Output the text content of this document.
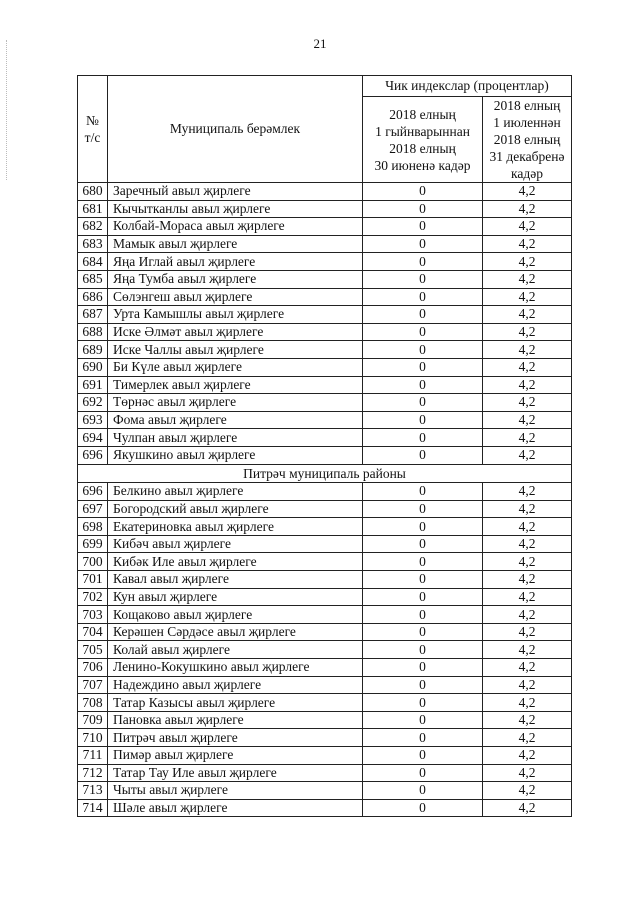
21
№
т/с	Муниципаль берәмлек	Чик индекслар (процентлар)	

		2018 елның
1 гыйнварыннан
2018 елның
30 июненә кадәр	2018 елның
1 июленнән
2018 елның
31 декабренә
кадәр

680	Заречный авыл җирлеге	0	4,2
681	Кычытканлы авыл җирлеге	0	4,2
682	Колбай-Мораса авыл җирлеге	0	4,2
683	Мамык авыл җирлеге	0	4,2
684	Яңа Иглай авыл җирлеге	0	4,2
685	Яңа Тумба авыл җирлеге	0	4,2
686	Сөлэнгеш авыл җирлеге	0	4,2
687	Урта Камышлы авыл җирлеге	0	4,2
688	Иске Әлмәт авыл җирлеге	0	4,2
689	Иске Чаллы авыл җирлеге	0	4,2
690	Би Күле авыл җирлеге	0	4,2
691	Тимерлек авыл җирлеге	0	4,2
692	Төрнәс авыл җирлеге	0	4,2
693	Фома авыл җирлеге	0	4,2
694	Чулпан авыл җирлеге	0	4,2
696	Якушкино авыл җирлеге	0	4,2
Питрәч муниципаль районы			
696	Белкино авыл җирлеге	0	4,2
697	Богородский авыл җирлеге	0	4,2
698	Екатериновка авыл җирлеге	0	4,2
699	Кибәч авыл җирлеге	0	4,2
700	Кибәк Иле авыл җирлеге	0	4,2
701	Кавал авыл җирлеге	0	4,2
702	Кун авыл җирлеге	0	4,2
703	Кощаково авыл җирлеге	0	4,2
704	Керәшен Сәрдәсе авыл җирлеге	0	4,2
705	Колай авыл җирлеге	0	4,2
706	Ленино-Кокушкино авыл җирлеге	0	4,2
707	Надеждино авыл җирлеге	0	4,2
708	Татар Казысы авыл җирлеге	0	4,2
709	Пановка авыл җирлеге	0	4,2
710	Питрәч авыл җирлеге	0	4,2
711	Пимәр авыл җирлеге	0	4,2
712	Татар Тау Иле авыл җирлеге	0	4,2
713	Чыты авыл җирлеге	0	4,2
714	Шәле авыл җирлеге	0	4,2
